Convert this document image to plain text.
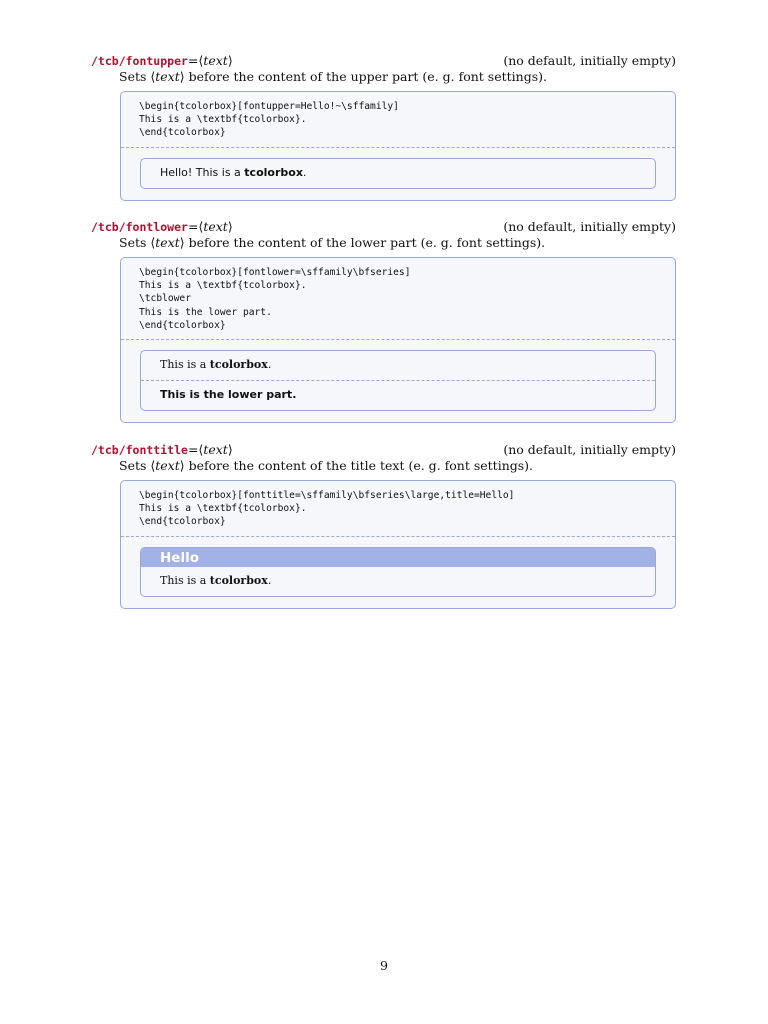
/tcb/fontupper=⟨text⟩	(no default, initially empty)
Sets ⟨text⟩ before the content of the upper part (e. g. font settings).
\begin{tcolorbox}[fontupper=Hello!~\sffamily]
This is a \textbf{tcolorbox}.
\end{tcolorbox}
Hello! This is a tcolorbox.
/tcb/fontlower=⟨text⟩	(no default, initially empty)
Sets ⟨text⟩ before the content of the lower part (e. g. font settings).
\begin{tcolorbox}[fontlower=\sffamily\bfseries]
This is a \textbf{tcolorbox}.
\tcblower
This is the lower part.
\end{tcolorbox}
This is a tcolorbox.
This is the lower part.
/tcb/fonttitle=⟨text⟩	(no default, initially empty)
Sets ⟨text⟩ before the content of the title text (e. g. font settings).
\begin{tcolorbox}[fonttitle=\sffamily\bfseries\large,title=Hello]
This is a \textbf{tcolorbox}.
\end{tcolorbox}
Hello
This is a tcolorbox.
9
